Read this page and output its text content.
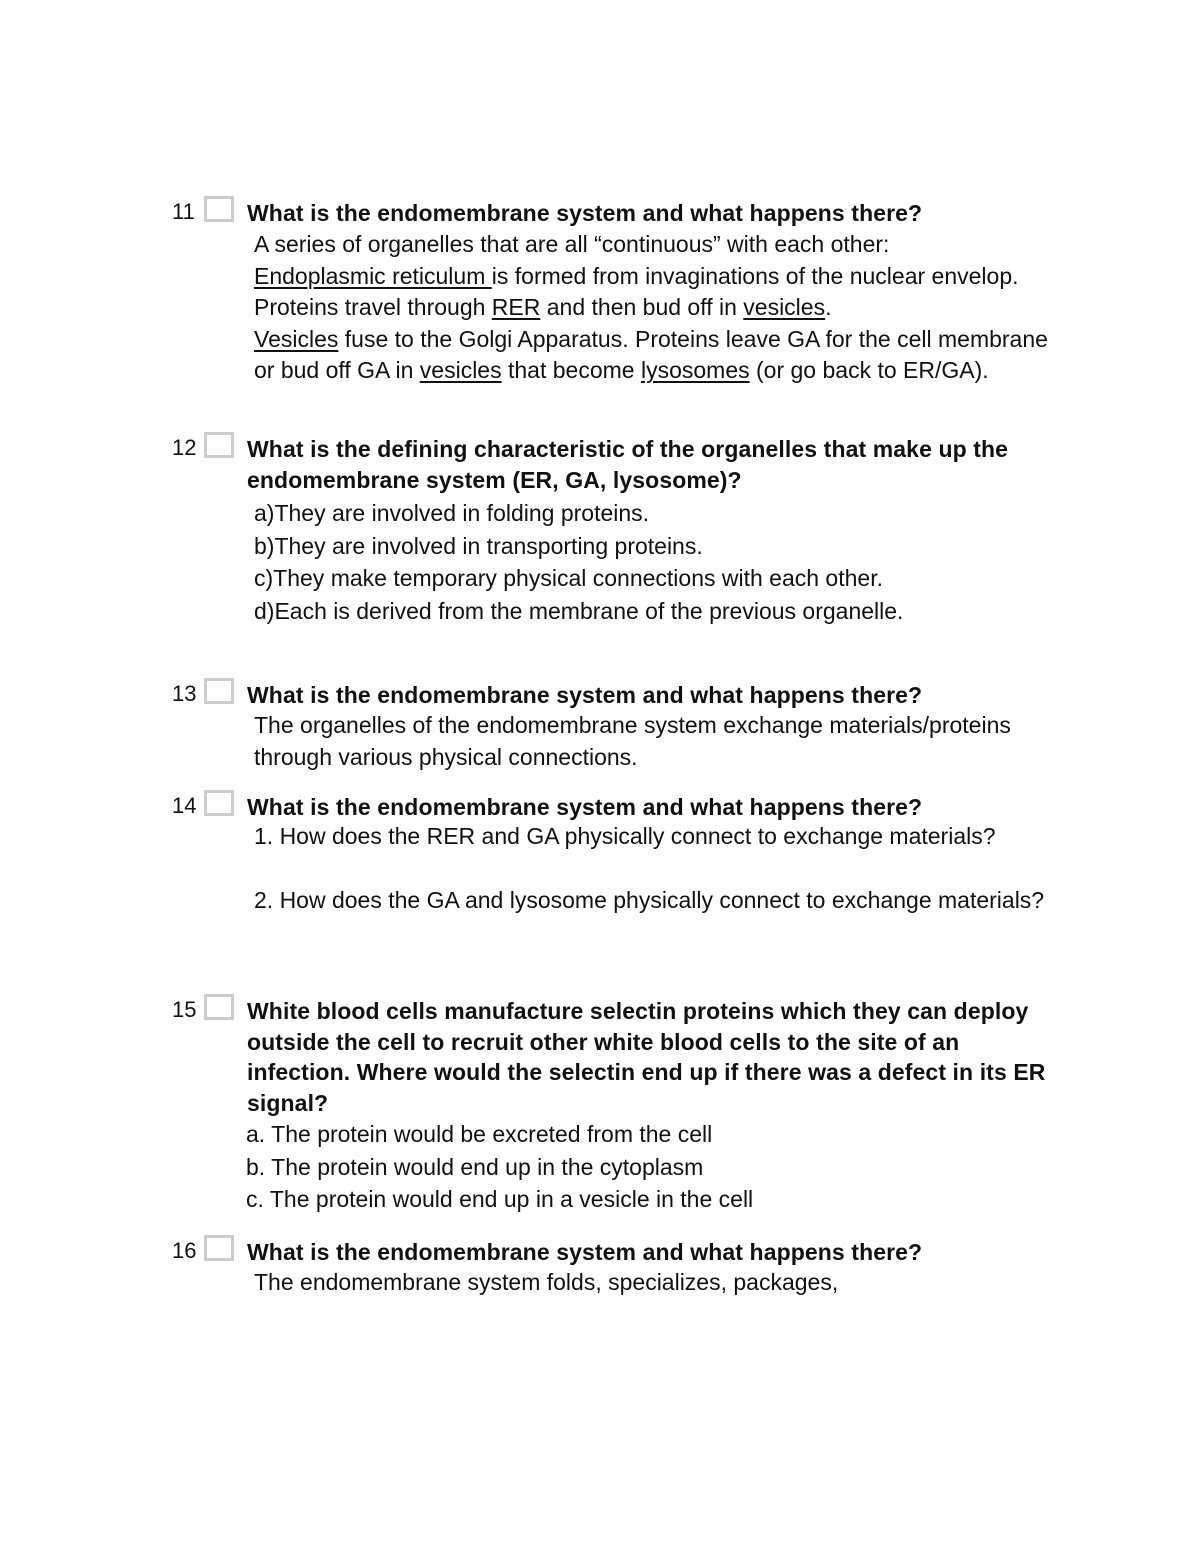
11 What is the endomembrane system and what happens there?
A series of organelles that are all “continuous” with each other:
Endoplasmic reticulum is formed from invaginations of the nuclear envelop. Proteins travel through RER and then bud off in vesicles.
Vesicles fuse to the Golgi Apparatus. Proteins leave GA for the cell membrane or bud off GA in vesicles that become lysosomes (or go back to ER/GA).
12 What is the defining characteristic of the organelles that make up the endomembrane system (ER, GA, lysosome)?
a)They are involved in folding proteins.
b)They are involved in transporting proteins.
c)They make temporary physical connections with each other.
d)Each is derived from the membrane of the previous organelle.
13 What is the endomembrane system and what happens there?
The organelles of the endomembrane system exchange materials/proteins through various physical connections.
14 What is the endomembrane system and what happens there?
1. How does the RER and GA physically connect to exchange materials?
2. How does the GA and lysosome physically connect to exchange materials?
15 White blood cells manufacture selectin proteins which they can deploy outside the cell to recruit other white blood cells to the site of an infection. Where would the selectin end up if there was a defect in its ER signal?
a. The protein would be excreted from the cell
b. The protein would end up in the cytoplasm
c. The protein would end up in a vesicle in the cell
16 What is the endomembrane system and what happens there?
The endomembrane system folds, specializes, packages,
